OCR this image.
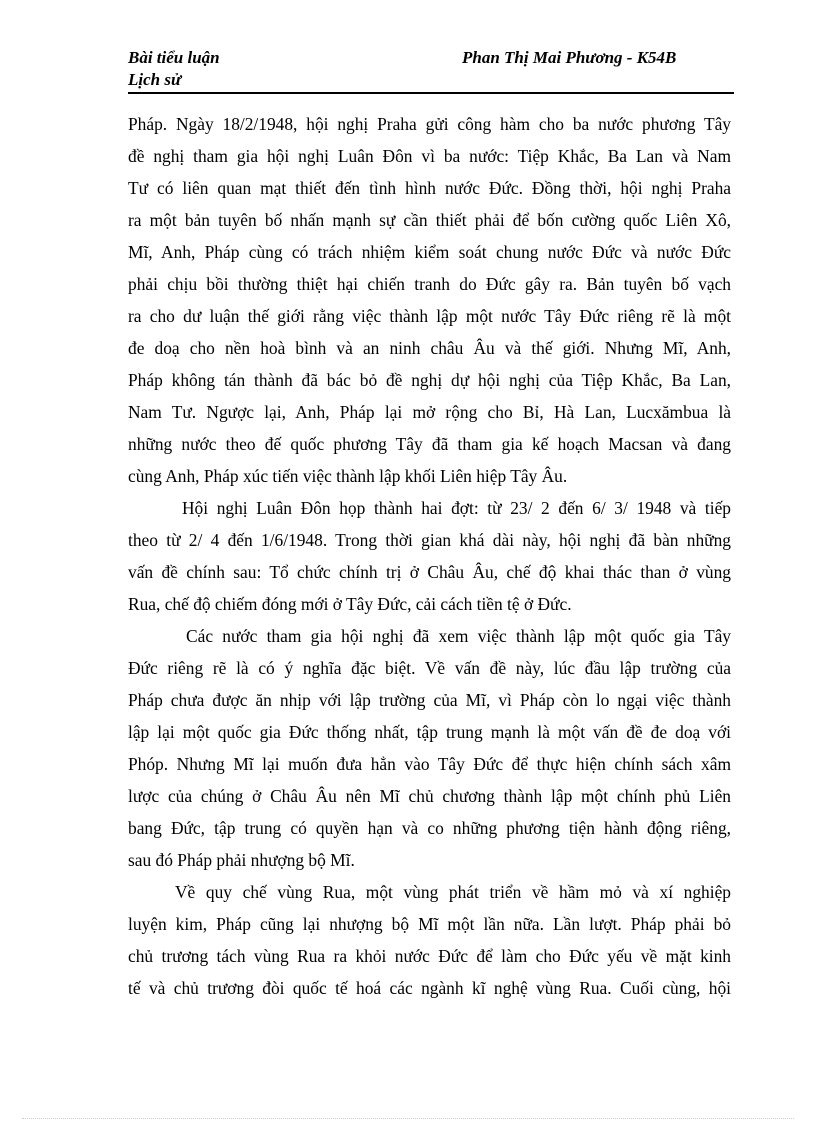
Bài tiểu luận	Phan Thị Mai Phương - K54B
Lịch sử
Pháp. Ngày 18/2/1948, hội nghị Praha gửi công hàm cho ba nước phương Tây
đề nghị tham gia hội nghị Luân Đôn vì ba nước: Tiệp Khắc, Ba Lan và Nam
Tư có liên quan mạt thiết đến tình hình nước Đức. Đồng thời, hội nghị Praha
ra một bản tuyên bố nhấn mạnh sự cần thiết phải để bốn cường quốc Liên Xô,
Mĩ, Anh, Pháp cùng có trách nhiệm kiểm soát chung nước Đức và nước Đức
phải chịu bồi thường thiệt hại chiến tranh do Đức gây ra. Bản tuyên bố vạch
ra cho dư luận thế giới rằng việc thành lập một nước Tây Đức riêng rẽ là một
đe doạ cho nền hoà bình và an ninh châu Âu và thế giới. Nhưng Mĩ, Anh,
Pháp không tán thành đã bác bỏ đề nghị dự hội nghị của Tiệp Khắc, Ba Lan,
Nam Tư. Ngược lại, Anh, Pháp lại mở rộng cho Bỉ, Hà Lan, Lucxămbua là
những nước theo đế quốc phương Tây đã tham gia kế hoạch Macsan và đang
cùng Anh, Pháp xúc tiến việc thành lập khối Liên hiệp Tây Âu.
Hội nghị Luân Đôn họp thành hai đợt: từ 23/ 2 đến 6/ 3/ 1948 và tiếp
theo từ 2/ 4 đến 1/6/1948. Trong thời gian khá dài này, hội nghị đã bàn những
vấn đề chính sau: Tổ chức chính trị ở Châu Âu, chế độ khai thác than ở vùng
Rua, chế độ chiếm đóng mới ở Tây Đức, cải cách tiền tệ ở Đức.
Các nước tham gia hội nghị đã xem việc thành lập một quốc gia Tây
Đức riêng rẽ là có ý nghĩa đặc biệt. Về vấn đề này, lúc đầu lập trường của
Pháp chưa được ăn nhịp với lập trường của Mĩ, vì Pháp còn lo ngại việc thành
lập lại một quốc gia Đức thống nhất, tập trung mạnh là một vấn đề đe doạ với
Phóp. Nhưng Mĩ lại muốn đưa hẳn vào Tây Đức để thực hiện chính sách xâm
lược của chúng ở Châu Âu nên Mĩ chủ chương thành lập một chính phủ Liên
bang Đức, tập trung có quyền hạn và co những phương tiện hành động riêng,
sau đó Pháp phải nhượng bộ Mĩ.
Về quy chế vùng Rua, một vùng phát triển về hầm mỏ và xí nghiệp
luyện kim, Pháp cũng lại nhượng bộ Mĩ một lần nữa. Lần lượt. Pháp phải bỏ
chủ trương tách vùng Rua ra khỏi nước Đức để làm cho Đức yếu về mặt kinh
tế và chủ trương đòi quốc tế hoá các ngành kĩ nghệ vùng Rua. Cuối cùng, hội
